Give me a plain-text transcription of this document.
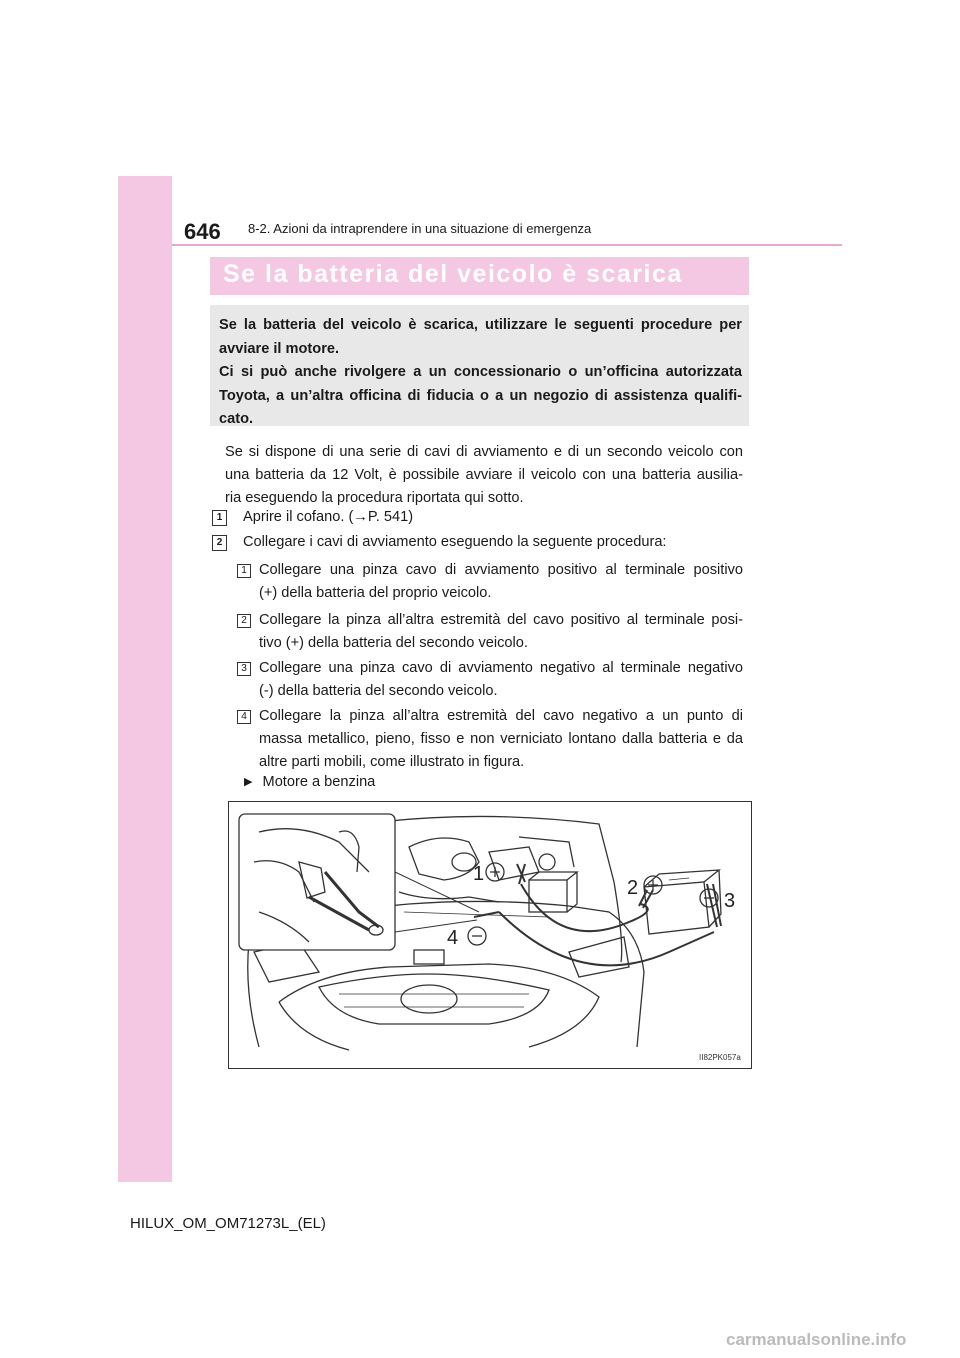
646 8-2. Azioni da intraprendere in una situazione di emergenza
Se la batteria del veicolo è scarica
Se la batteria del veicolo è scarica, utilizzare le seguenti procedure per
avviare il motore.
Ci si può anche rivolgere a un concessionario o un’officina autorizzata
Toyota, a un’altra officina di fiducia o a un negozio di assistenza qualifi-
cato.
Se si dispone di una serie di cavi di avviamento e di un secondo veicolo con
una batteria da 12 Volt, è possibile avviare il veicolo con una batteria ausilia-
ria eseguendo la procedura riportata qui sotto.
1	Aprire il cofano. (→P. 541)
2	Collegare i cavi di avviamento eseguendo la seguente procedura:
1 Collegare una pinza cavo di avviamento positivo al terminale positivo
(+) della batteria del proprio veicolo.
2 Collegare la pinza all’altra estremità del cavo positivo al terminale posi-
tivo (+) della batteria del secondo veicolo.
3 Collegare una pinza cavo di avviamento negativo al terminale negativo
(-) della batteria del secondo veicolo.
4 Collegare la pinza all’altra estremità del cavo negativo a un punto di
massa metallico, pieno, fisso e non verniciato lontano dalla batteria e da
altre parti mobili, come illustrato in figura.
▶ Motore a benzina
1
2
3
4
II82PK057a
HILUX_OM_OM71273L_(EL)
carmanualsonline.info
